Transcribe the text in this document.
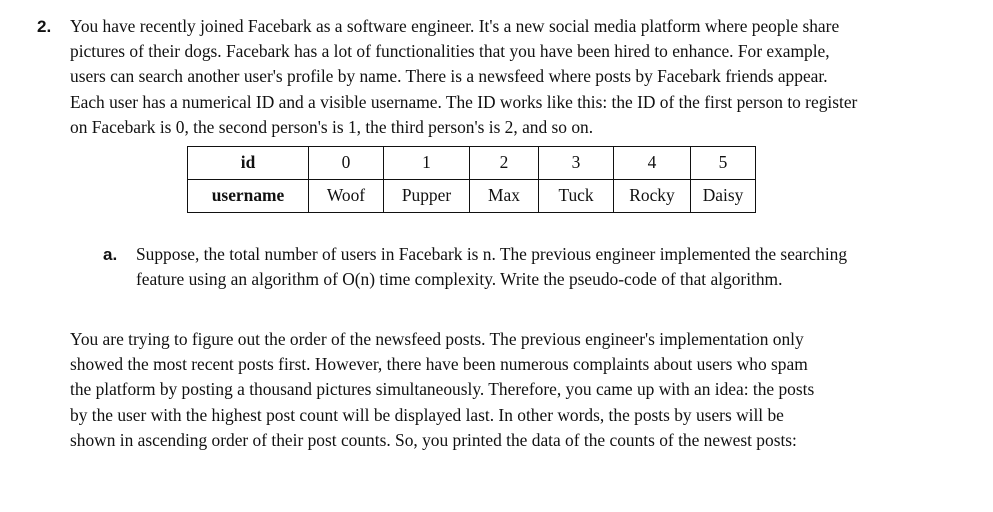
2. You have recently joined Facebark as a software engineer. It's a new social media platform where people share
pictures of their dogs. Facebark has a lot of functionalities that you have been hired to enhance. For example,
users can search another user's profile by name. There is a newsfeed where posts by Facebark friends appear.
Each user has a numerical ID and a visible username. The ID works like this: the ID of the first person to register
on Facebark is 0, the second person's is 1, the third person's is 2, and so on.
id	0	1	2	3	4	5
username	Woof	Pupper	Max	Tuck	Rocky	Daisy
a. Suppose, the total number of users in Facebark is n. The previous engineer implemented the searching
feature using an algorithm of O(n) time complexity. Write the pseudo-code of that algorithm.
You are trying to figure out the order of the newsfeed posts. The previous engineer's implementation only
showed the most recent posts first. However, there have been numerous complaints about users who spam
the platform by posting a thousand pictures simultaneously. Therefore, you came up with an idea: the posts
by the user with the highest post count will be displayed last. In other words, the posts by users will be
shown in ascending order of their post counts. So, you printed the data of the counts of the newest posts:
